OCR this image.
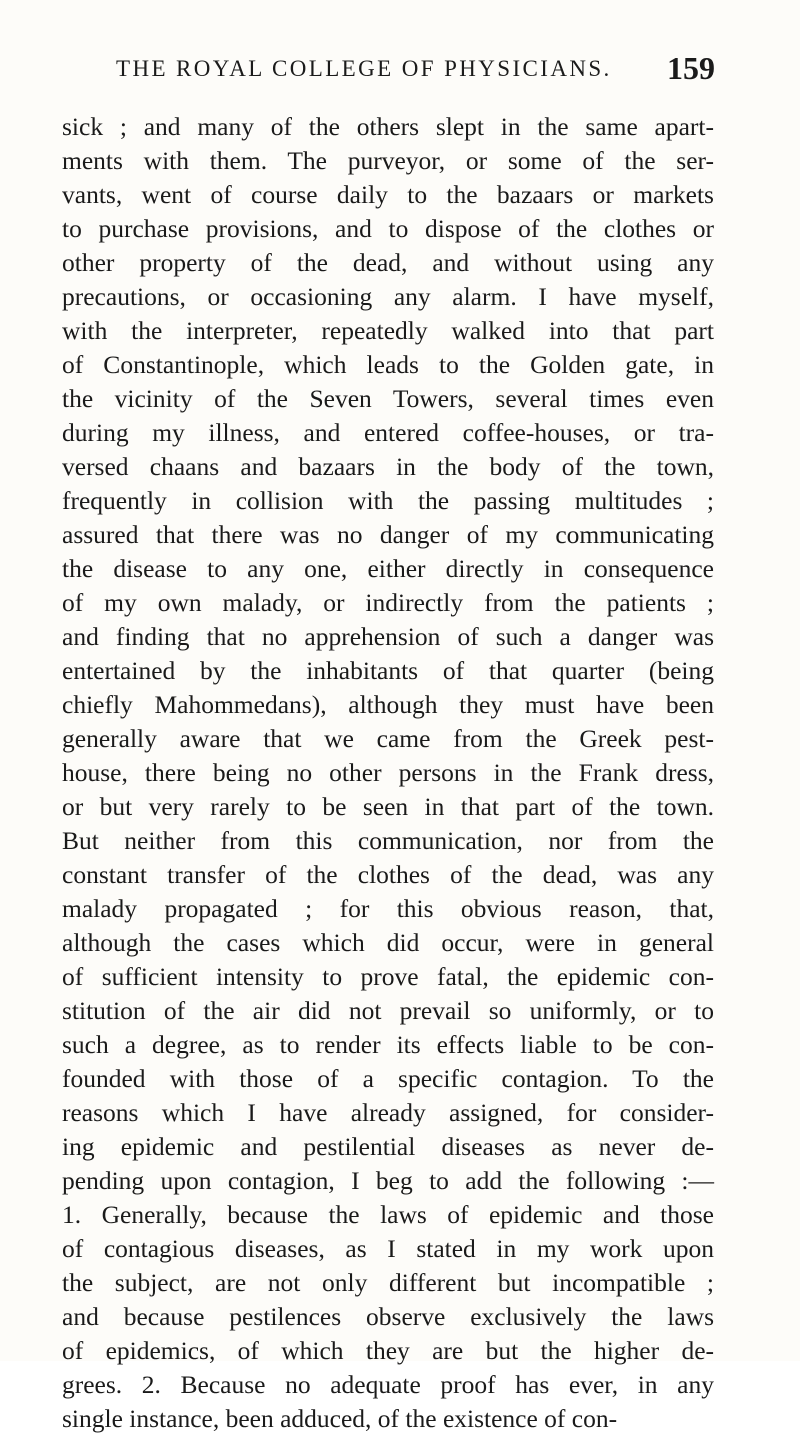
THE ROYAL COLLEGE OF PHYSICIANS. 159
sick ; and many of the others slept in the same apart-
ments with them. The purveyor, or some of the ser-
vants, went of course daily to the bazaars or markets
to purchase provisions, and to dispose of the clothes or
other property of the dead, and without using any
precautions, or occasioning any alarm. I have myself,
with the interpreter, repeatedly walked into that part
of Constantinople, which leads to the Golden gate, in
the vicinity of the Seven Towers, several times even
during my illness, and entered coffee-houses, or tra-
versed chaans and bazaars in the body of the town,
frequently in collision with the passing multitudes ;
assured that there was no danger of my communicating
the disease to any one, either directly in consequence
of my own malady, or indirectly from the patients ;
and finding that no apprehension of such a danger was
entertained by the inhabitants of that quarter (being
chiefly Mahommedans), although they must have been
generally aware that we came from the Greek pest-
house, there being no other persons in the Frank dress,
or but very rarely to be seen in that part of the town.
But neither from this communication, nor from the
constant transfer of the clothes of the dead, was any
malady propagated ; for this obvious reason, that,
although the cases which did occur, were in general
of sufficient intensity to prove fatal, the epidemic con-
stitution of the air did not prevail so uniformly, or to
such a degree, as to render its effects liable to be con-
founded with those of a specific contagion. To the
reasons which I have already assigned, for consider-
ing epidemic and pestilential diseases as never de-
pending upon contagion, I beg to add the following :—
1. Generally, because the laws of epidemic and those
of contagious diseases, as I stated in my work upon
the subject, are not only different but incompatible ;
and because pestilences observe exclusively the laws
of epidemics, of which they are but the higher de-
grees. 2. Because no adequate proof has ever, in any
single instance, been adduced, of the existence of con-
